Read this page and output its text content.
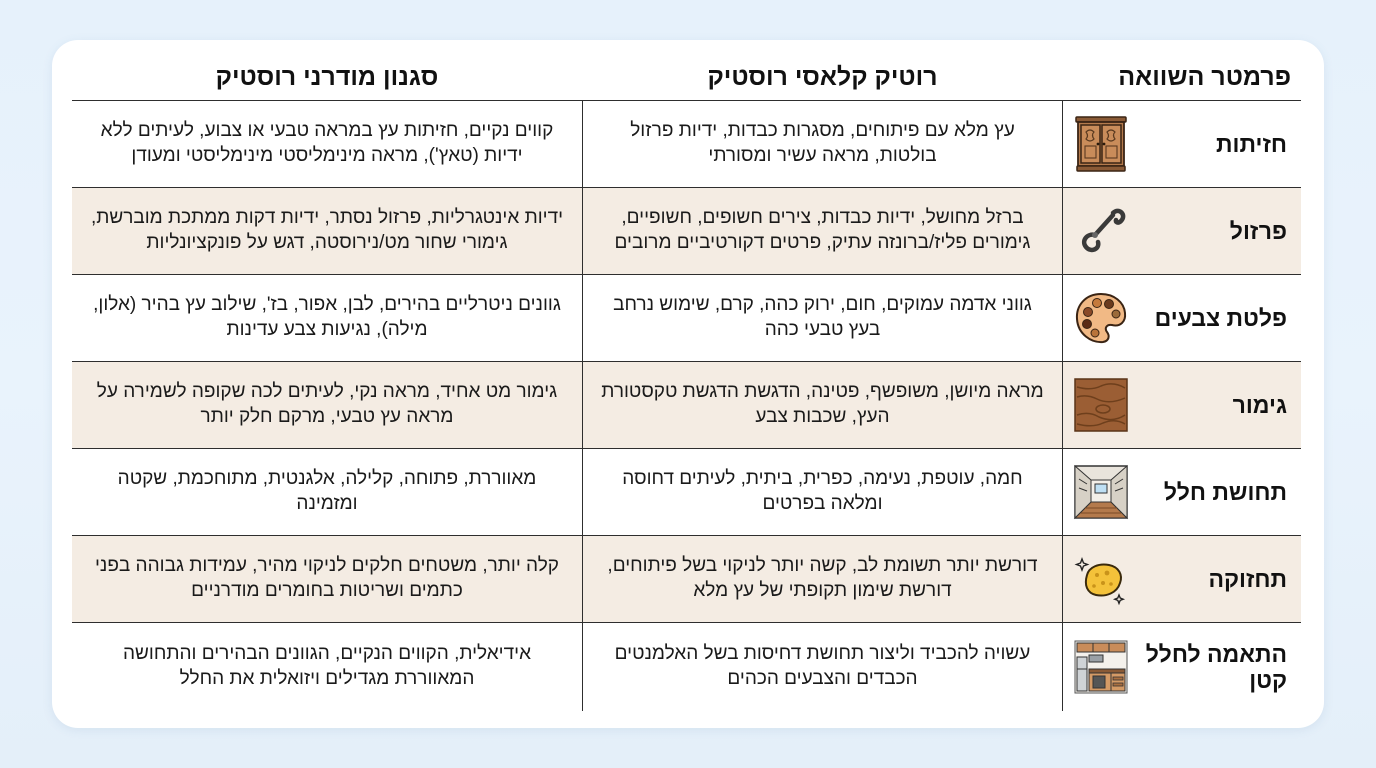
פרמטר השוואה
רוטיק קלאסי רוסטיק
סגנון מודרני רוסטיק
חזיתות
עץ מלא עם פיתוחים, מסגרות כבדות, ידיות פרזול בולטות, מראה עשיר ומסורתי
קווים נקיים, חזיתות עץ במראה טבעי או צבוע, לעיתים ללא ידיות (טאץ'), מראה מינימליסטי מינימליסטי ומעודן
פרזול
ברזל מחושל, ידיות כבדות, צירים חשופים, חשופיים, גימורים פליז/ברונזה עתיק, פרטים דקורטיביים מרובים
ידיות אינטגרליות, פרזול נסתר, ידיות דקות ממתכת מוברשת, גימורי שחור מט/נירוסטה, דגש על פונקציונליות
פלטת צבעים
גווני אדמה עמוקים, חום, ירוק כהה, קרם, שימוש נרחב בעץ טבעי כהה
גוונים ניטרליים בהירים, לבן, אפור, בז', שילוב עץ בהיר (אלון, מילה), נגיעות צבע עדינות
גימור
מראה מיושן, משופשף, פטינה, הדגשת הדגשת טקסטורת העץ, שכבות צבע
גימור מט אחיד, מראה נקי, לעיתים לכה שקופה לשמירה על מראה עץ טבעי, מרקם חלק יותר
תחושת חלל
חמה, עוטפת, נעימה, כפרית, ביתית, לעיתים דחוסה ומלאה בפרטים
מאווררת, פתוחה, קלילה, אלגנטית, מתוחכמת, שקטה ומזמינה
תחזוקה
דורשת יותר תשומת לב, קשה יותר לניקוי בשל פיתוחים, דורשת שימון תקופתי של עץ מלא
קלה יותר, משטחים חלקים לניקוי מהיר, עמידות גבוהה בפני כתמים ושריטות בחומרים מודרניים
התאמה לחלל קטן
עשויה להכביד וליצור תחושת דחיסות בשל האלמנטים הכבדים והצבעים הכהים
אידיאלית, הקווים הנקיים, הגוונים הבהירים והתחושה המאווררת מגדילים ויזואלית את החלל
